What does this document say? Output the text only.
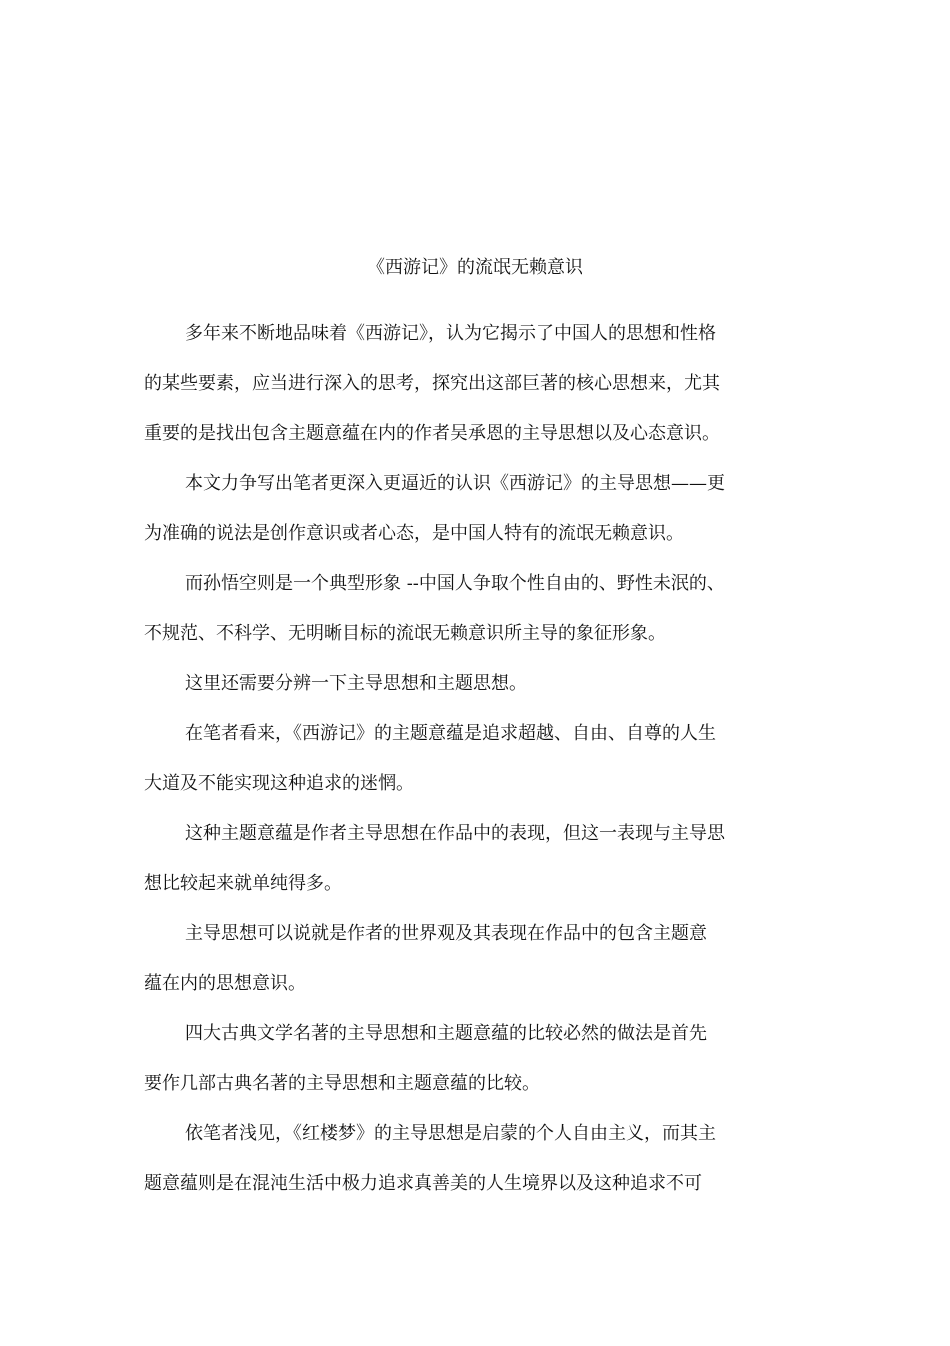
《西游记》的流氓无赖意识
多年来不断地品味着《西游记》，认为它揭示了中国人的思想和性格
的某些要素，应当进行深入的思考，探究出这部巨著的核心思想来，尤其
重要的是找出包含主题意蕴在内的作者吴承恩的主导思想以及心态意识。
本文力争写出笔者更深入更逼近的认识《西游记》的主导思想——更
为准确的说法是创作意识或者心态，是中国人特有的流氓无赖意识。
而孙悟空则是一个典型形象 --中国人争取个性自由的、野性未泯的、
不规范、不科学、无明晰目标的流氓无赖意识所主导的象征形象。
这里还需要分辨一下主导思想和主题思想。
在笔者看来，《西游记》的主题意蕴是追求超越、自由、自尊的人生
大道及不能实现这种追求的迷惘。
这种主题意蕴是作者主导思想在作品中的表现，但这一表现与主导思
想比较起来就单纯得多。
主导思想可以说就是作者的世界观及其表现在作品中的包含主题意
蕴在内的思想意识。
四大古典文学名著的主导思想和主题意蕴的比较必然的做法是首先
要作几部古典名著的主导思想和主题意蕴的比较。
依笔者浅见，《红楼梦》的主导思想是启蒙的个人自由主义，而其主
题意蕴则是在混沌生活中极力追求真善美的人生境界以及这种追求不可
